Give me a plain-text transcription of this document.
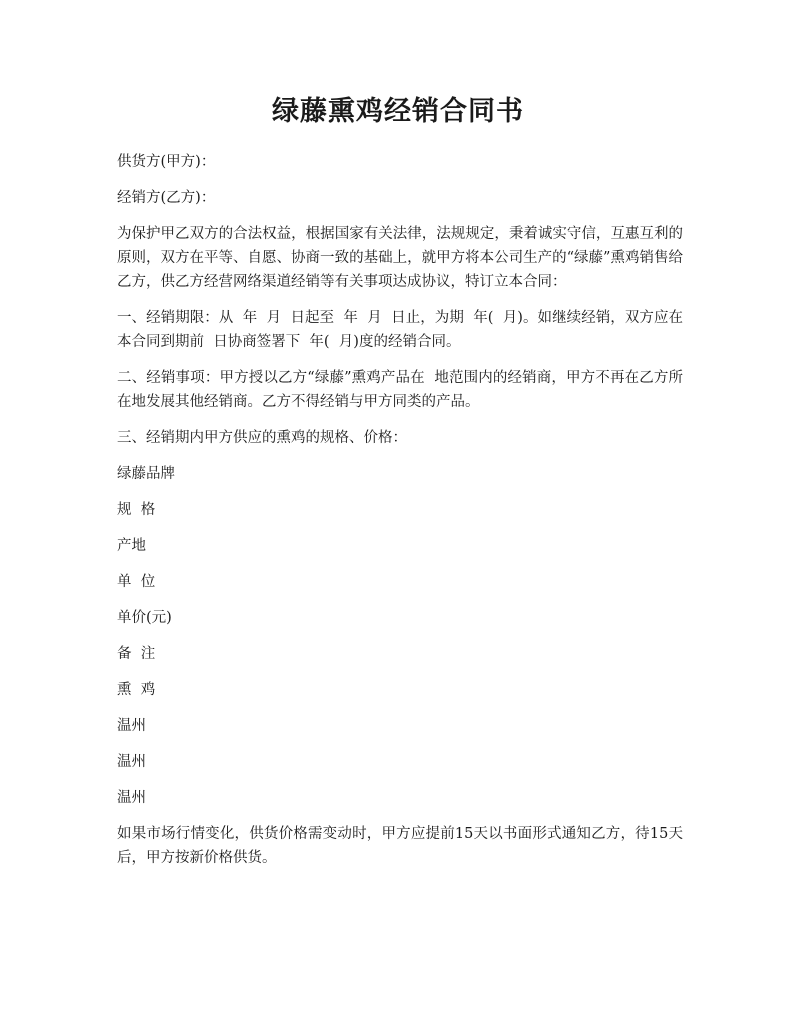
绿藤熏鸡经销合同书

供货方(甲方)：

经销方(乙方)：

为保护甲乙双方的合法权益，根据国家有关法律，法规规定，秉着诚实守信，互惠互利的原则，双方在平等、自愿、协商一致的基础上，就甲方将本公司生产的“绿藤”熏鸡销售给乙方，供乙方经营网络渠道经销等有关事项达成协议，特订立本合同：

一、经销期限：从  年  月  日起至  年  月  日止，为期  年(  月)。如继续经销，双方应在本合同到期前  日协商签署下  年(  月)度的经销合同。

二、经销事项：甲方授以乙方“绿藤”熏鸡产品在  地范围内的经销商，甲方不再在乙方所在地发展其他经销商。乙方不得经销与甲方同类的产品。

三、经销期内甲方供应的熏鸡的规格、价格：

绿藤品牌

规  格

产地

单  位

单价(元)

备  注

熏  鸡

温州

温州

温州

如果市场行情变化，供货价格需变动时，甲方应提前15天以书面形式通知乙方，待15天后，甲方按新价格供货。
